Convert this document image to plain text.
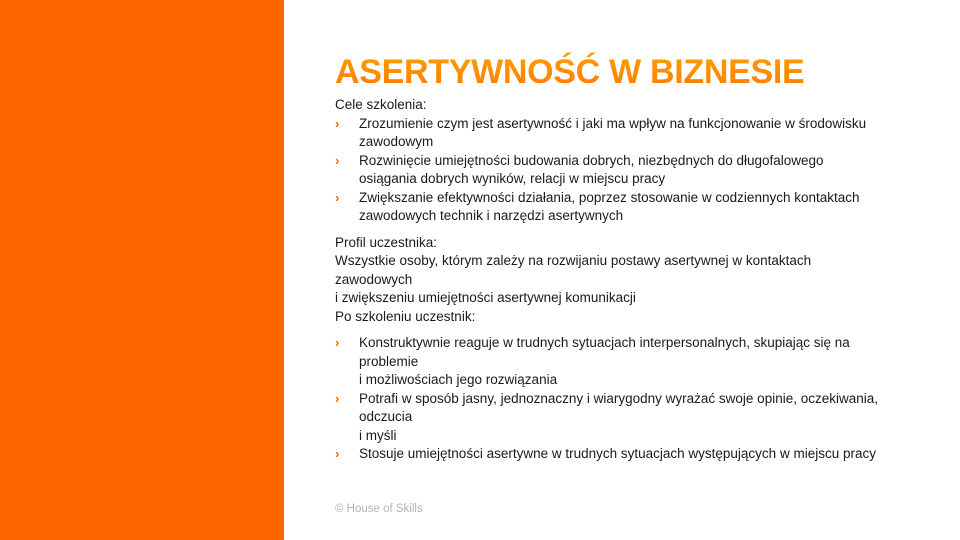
ASERTYWNOŚĆ W BIZNESIE
Cele szkolenia:
› Zrozumienie czym jest asertywność i jaki ma wpływ na funkcjonowanie w środowisku
zawodowym
› Rozwinięcie umiejętności budowania dobrych, niezbędnych do długofalowego
osiągania dobrych wyników, relacji w miejscu pracy
› Zwiększanie efektywności działania, poprzez stosowanie w codziennych kontaktach
zawodowych technik i narzędzi asertywnych
Profil uczestnika:
Wszystkie osoby, którym zależy na rozwijaniu postawy asertywnej w kontaktach
zawodowych
i zwiększeniu umiejętności asertywnej komunikacji
Po szkoleniu uczestnik:
› Konstruktywnie reaguje w trudnych sytuacjach interpersonalnych, skupiając się na
problemie
i możliwościach jego rozwiązania
› Potrafi w sposób jasny, jednoznaczny i wiarygodny wyrażać swoje opinie, oczekiwania,
odczucia
i myśli
› Stosuje umiejętności asertywne w trudnych sytuacjach występujących w miejscu pracy
© House of Skills
